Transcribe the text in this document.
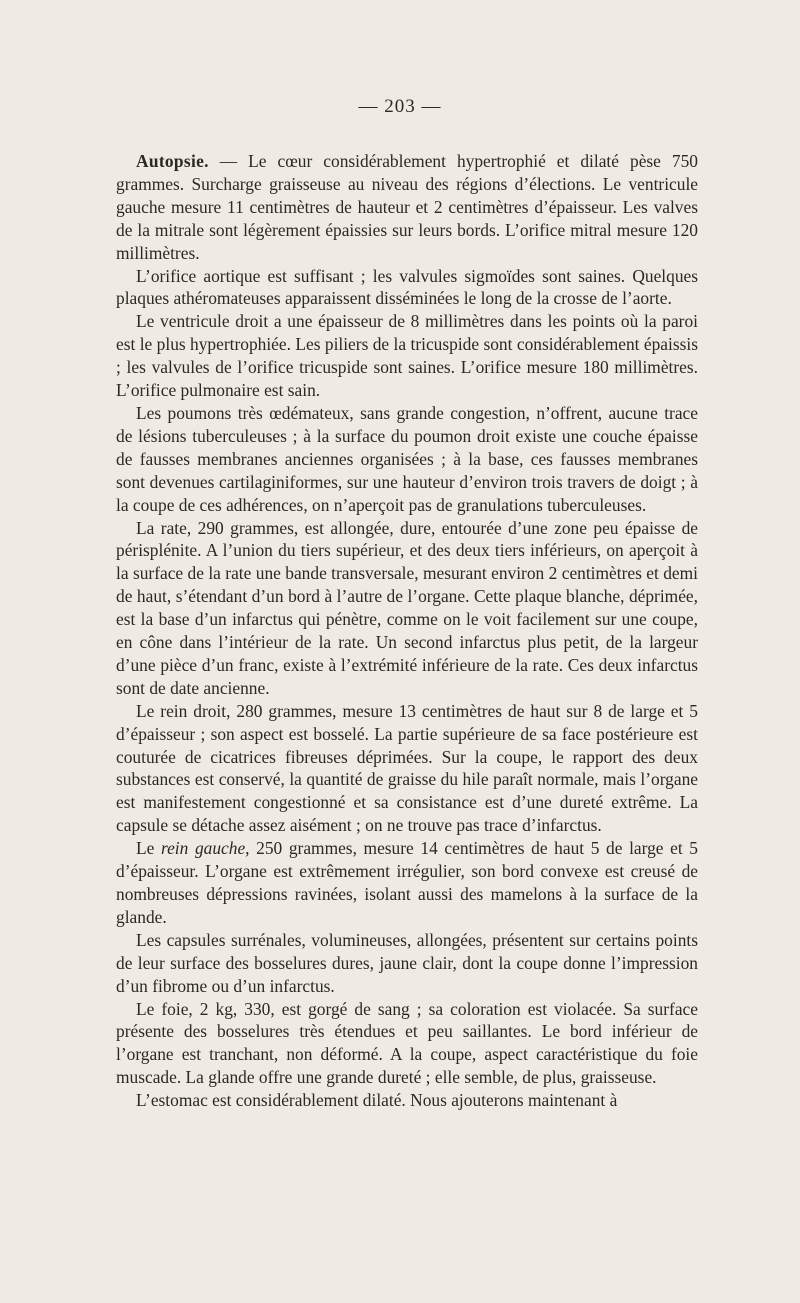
— 203 —

Autopsie. — Le cœur considérablement hypertrophié et dilaté pèse 750 grammes. Surcharge graisseuse au niveau des régions d’élections. Le ventricule gauche mesure 11 centimètres de hauteur et 2 centimètres d’épaisseur. Les valves de la mitrale sont légèrement épaissies sur leurs bords. L’orifice mitral mesure 120 millimètres.

L’orifice aortique est suffisant ; les valvules sigmoïdes sont saines. Quelques plaques athéromateuses apparaissent disséminées le long de la crosse de l’aorte.

Le ventricule droit a une épaisseur de 8 millimètres dans les points où la paroi est le plus hypertrophiée. Les piliers de la tricuspide sont considérablement épaissis ; les valvules de l’orifice tricuspide sont saines. L’orifice mesure 180 millimètres. L’orifice pulmonaire est sain.

Les poumons très œdémateux, sans grande congestion, n’offrent, aucune trace de lésions tuberculeuses ; à la surface du poumon droit existe une couche épaisse de fausses membranes anciennes organisées ; à la base, ces fausses membranes sont devenues cartilaginiformes, sur une hauteur d’environ trois travers de doigt ; à la coupe de ces adhérences, on n’aperçoit pas de granulations tuberculeuses.

La rate, 290 grammes, est allongée, dure, entourée d’une zone peu épaisse de périsplénite. A l’union du tiers supérieur, et des deux tiers inférieurs, on aperçoit à la surface de la rate une bande transversale, mesurant environ 2 centimètres et demi de haut, s’étendant d’un bord à l’autre de l’organe. Cette plaque blanche, déprimée, est la base d’un infarctus qui pénètre, comme on le voit facilement sur une coupe, en cône dans l’intérieur de la rate. Un second infarctus plus petit, de la largeur d’une pièce d’un franc, existe à l’extrémité inférieure de la rate. Ces deux infarctus sont de date ancienne.

Le rein droit, 280 grammes, mesure 13 centimètres de haut sur 8 de large et 5 d’épaisseur ; son aspect est bosselé. La partie supérieure de sa face postérieure est couturée de cicatrices fibreuses déprimées. Sur la coupe, le rapport des deux substances est conservé, la quantité de graisse du hile paraît normale, mais l’organe est manifestement congestionné et sa consistance est d’une dureté extrême. La capsule se détache assez aisément ; on ne trouve pas trace d’infarctus.

Le rein gauche, 250 grammes, mesure 14 centimètres de haut 5 de large et 5 d’épaisseur. L’organe est extrêmement irrégulier, son bord convexe est creusé de nombreuses dépressions ravinées, isolant aussi des mamelons à la surface de la glande.

Les capsules surrénales, volumineuses, allongées, présentent sur certains points de leur surface des bosselures dures, jaune clair, dont la coupe donne l’impression d’un fibrome ou d’un infarctus.

Le foie, 2 kg, 330, est gorgé de sang ; sa coloration est violacée. Sa surface présente des bosselures très étendues et peu saillantes. Le bord inférieur de l’organe est tranchant, non déformé. A la coupe, aspect caractéristique du foie muscade. La glande offre une grande dureté ; elle semble, de plus, graisseuse.

L’estomac est considérablement dilaté. Nous ajouterons maintenant à
